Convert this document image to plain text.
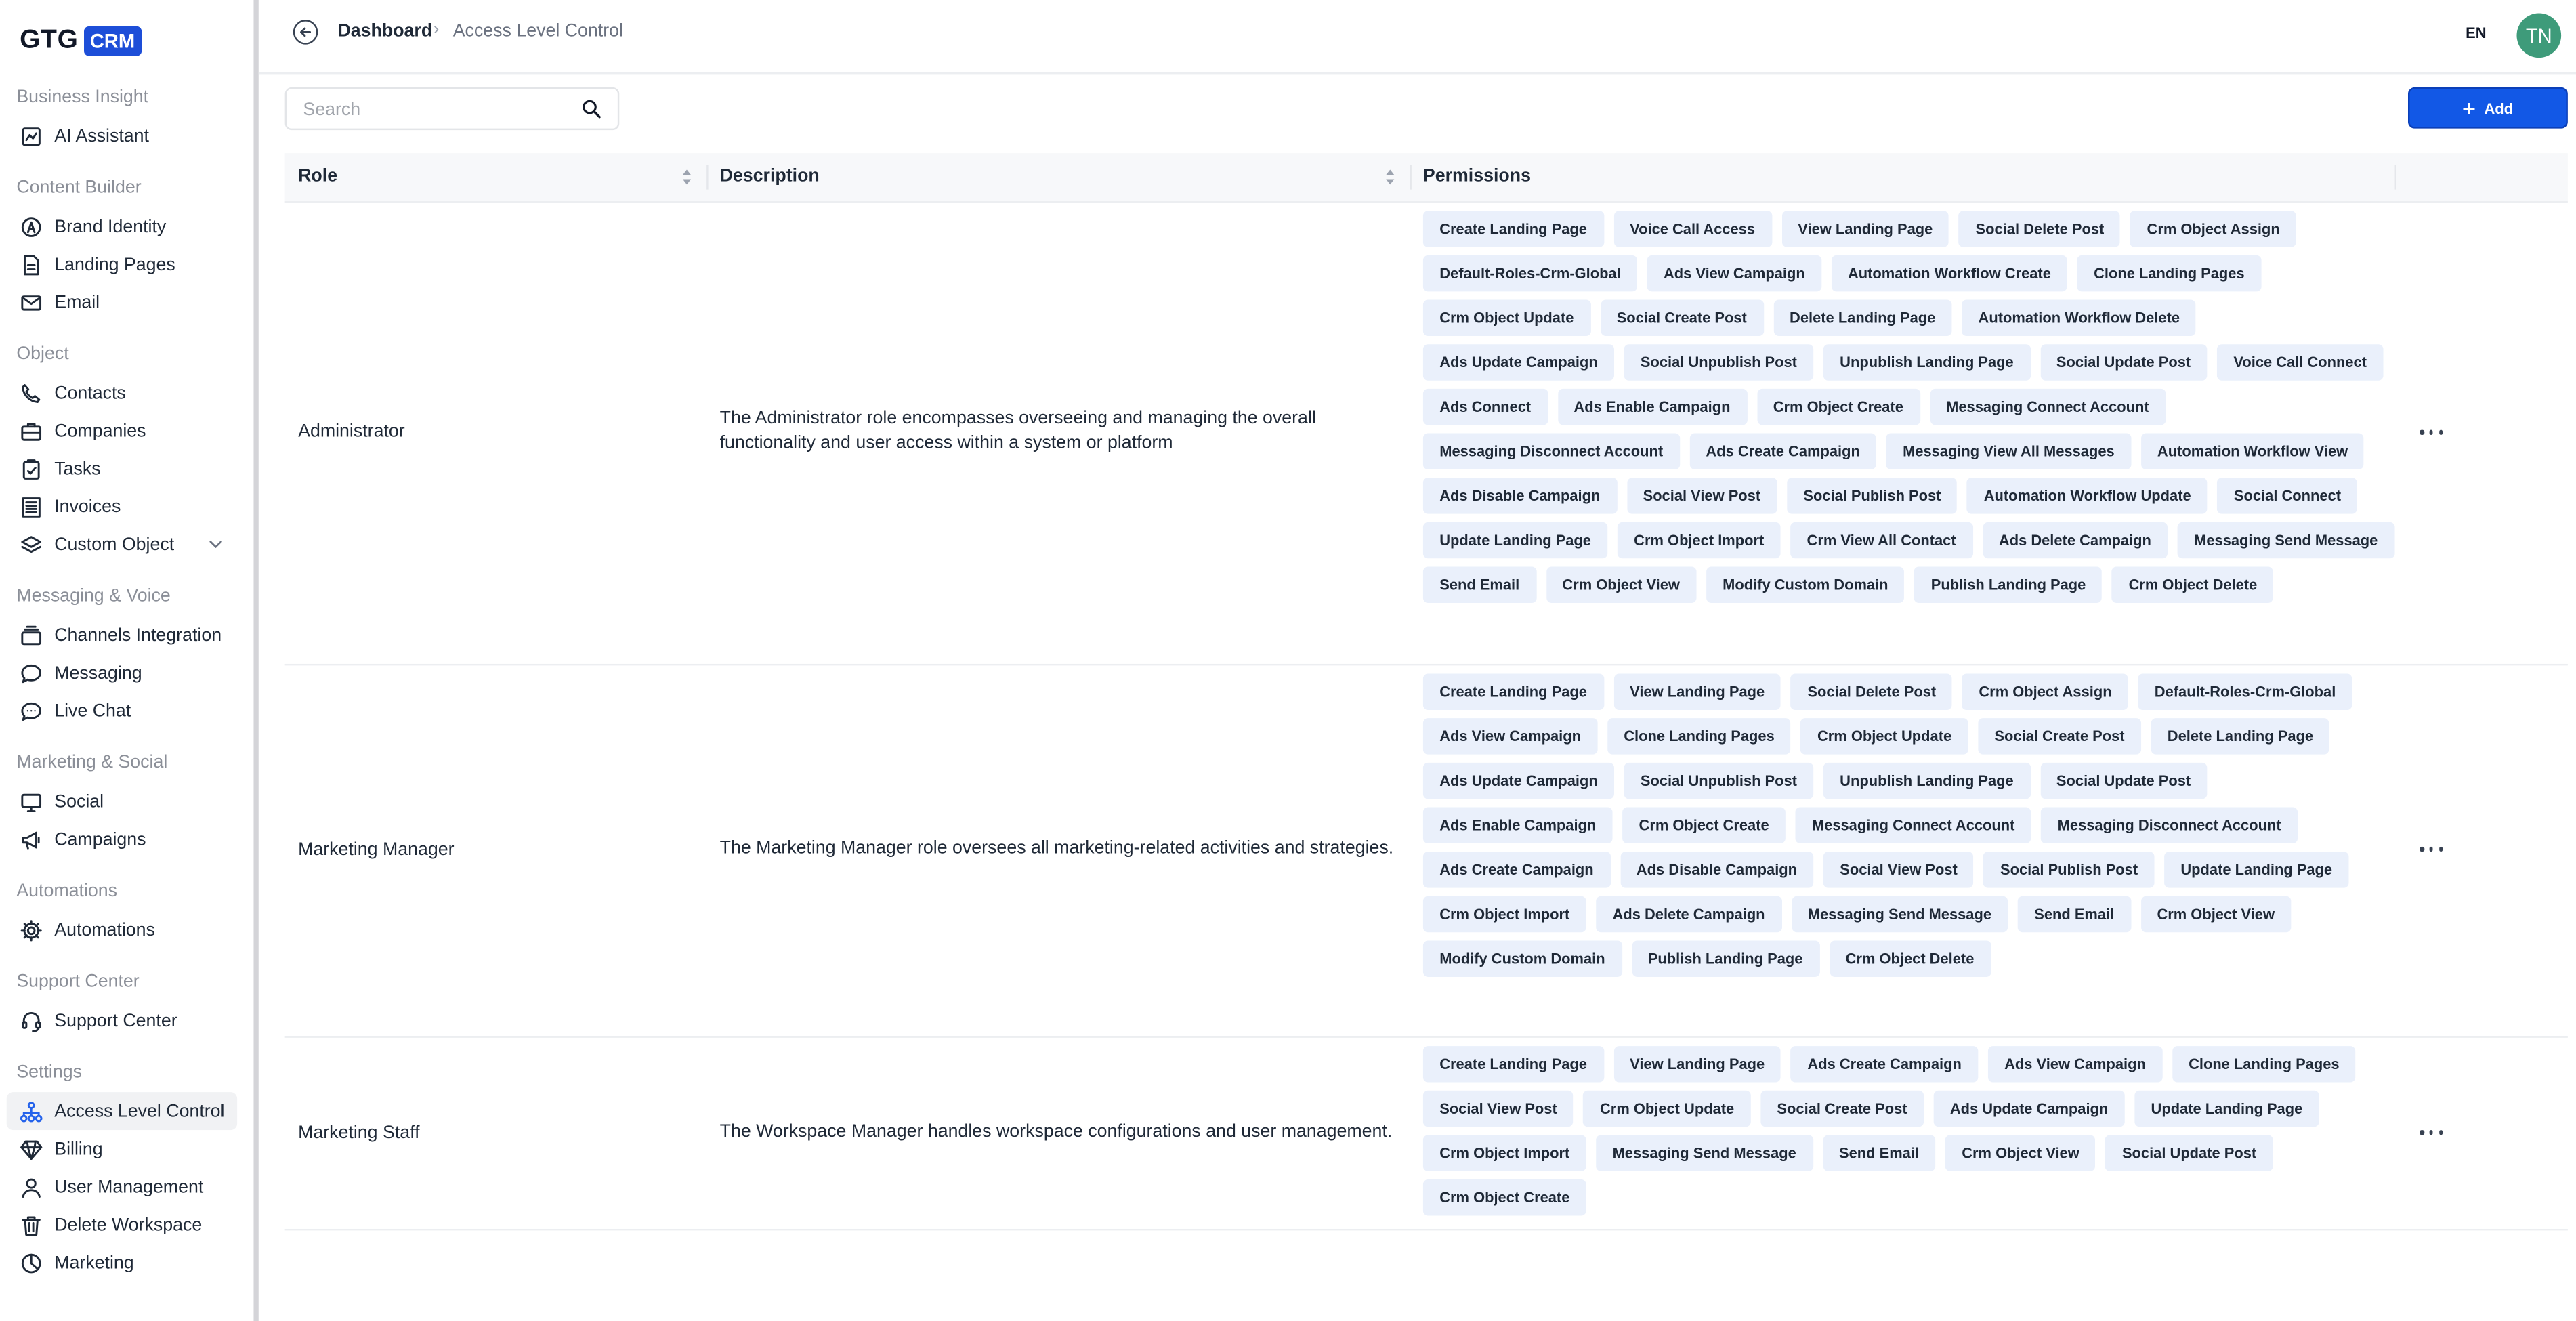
GTG	CRM
Business Insight
AI Assistant
Content Builder
Brand Identity
Landing Pages
Email
Object
Contacts
Companies
Tasks
Invoices
Custom Object
Messaging & Voice
Channels Integration
Messaging
Live Chat
Marketing & Social
Social
Campaigns
Automations
Automations
Support Center
Support Center
Settings
Access Level Control
Billing
User Management
Delete Workspace
Marketing
Dashboard › Access Level Control	EN	TN
Search
Add
Role	Description	Permissions
Administrator
The Administrator role encompasses overseeing and managing the overall functionality and user access within a system or platform
Create Landing Page	Voice Call Access	View Landing Page	Social Delete Post	Crm Object Assign
Default-Roles-Crm-Global	Ads View Campaign	Automation Workflow Create	Clone Landing Pages
Crm Object Update	Social Create Post	Delete Landing Page	Automation Workflow Delete
Ads Update Campaign	Social Unpublish Post	Unpublish Landing Page	Social Update Post	Voice Call Connect
Ads Connect	Ads Enable Campaign	Crm Object Create	Messaging Connect Account
Messaging Disconnect Account	Ads Create Campaign	Messaging View All Messages	Automation Workflow View
Ads Disable Campaign	Social View Post	Social Publish Post	Automation Workflow Update	Social Connect
Update Landing Page	Crm Object Import	Crm View All Contact	Ads Delete Campaign	Messaging Send Message
Send Email	Crm Object View	Modify Custom Domain	Publish Landing Page	Crm Object Delete
Marketing Manager	The Marketing Manager role oversees all marketing-related activities and strategies.
Create Landing Page	View Landing Page	Social Delete Post	Crm Object Assign	Default-Roles-Crm-Global
Ads View Campaign	Clone Landing Pages	Crm Object Update	Social Create Post	Delete Landing Page
Ads Update Campaign	Social Unpublish Post	Unpublish Landing Page	Social Update Post
Ads Enable Campaign	Crm Object Create	Messaging Connect Account	Messaging Disconnect Account
Ads Create Campaign	Ads Disable Campaign	Social View Post	Social Publish Post	Update Landing Page
Crm Object Import	Ads Delete Campaign	Messaging Send Message	Send Email	Crm Object View
Modify Custom Domain	Publish Landing Page	Crm Object Delete
Marketing Staff	The Workspace Manager handles workspace configurations and user management.
Create Landing Page	View Landing Page	Ads Create Campaign	Ads View Campaign	Clone Landing Pages
Social View Post	Crm Object Update	Social Create Post	Ads Update Campaign	Update Landing Page
Crm Object Import	Messaging Send Message	Send Email	Crm Object View	Social Update Post
Crm Object Create
